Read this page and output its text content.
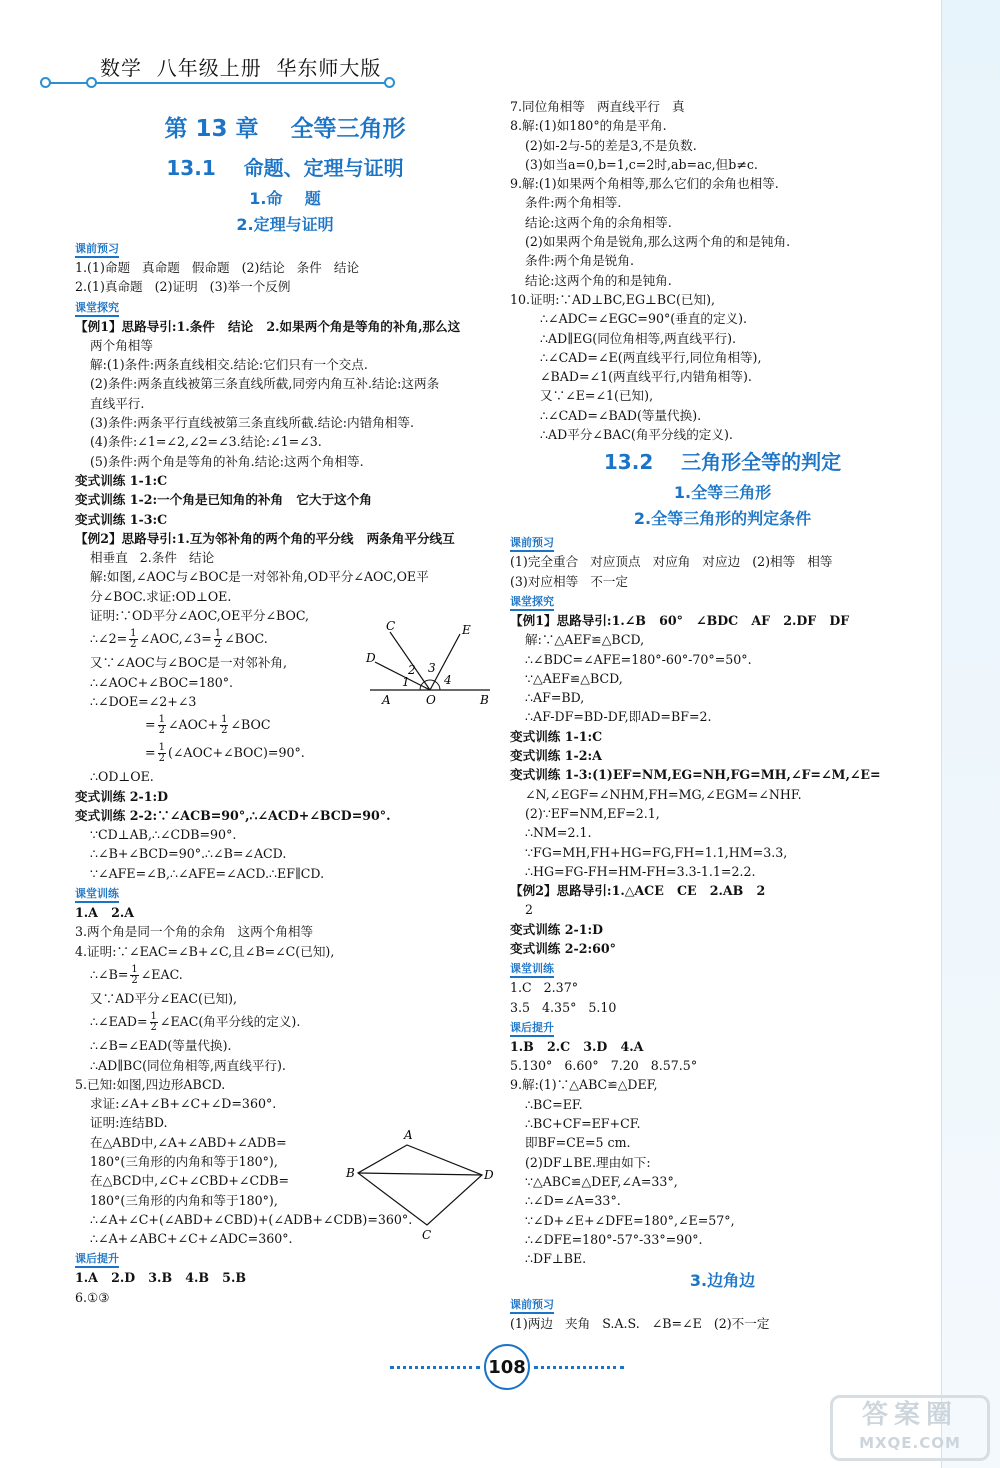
数学  八年级上册  华东师大版
第 13 章    全等三角形
13.1    命题、定理与证明
1.命    题
2.定理与证明
课前预习
1.(1)命题   真命题   假命题   (2)结论   条件   结论
2.(1)真命题   (2)证明   (3)举一个反例
课堂探究
【例1】思路导引:1.条件   结论   2.如果两个角是等角的补角,那么这
两个角相等
解:(1)条件:两条直线相交.结论:它们只有一个交点.
(2)条件:两条直线被第三条直线所截,同旁内角互补.结论:这两条
直线平行.
(3)条件:两条平行直线被第三条直线所截.结论:内错角相等.
(4)条件:∠1=∠2,∠2=∠3.结论:∠1=∠3.
(5)条件:两个角是等角的补角.结论:这两个角相等.
变式训练 1-1:C
变式训练 1-2:一个角是已知角的补角   它大于这个角
变式训练 1-3:C
【例2】思路导引:1.互为邻补角的两个角的平分线   两条角平分线互
相垂直   2.条件   结论
解:如图,∠AOC与∠BOC是一对邻补角,OD平分∠AOC,OE平
分∠BOC.求证:OD⊥OE.
证明:∵OD平分∠AOC,OE平分∠BOC,
∴∠2= $\frac{1}{2}$ ∠AOC,∠3= $\frac{1}{2}$ ∠BOC.
又∵∠AOC与∠BOC是一对邻补角,
∴∠AOC+∠BOC=180°.
∴∠DOE=∠2+∠3
= $\frac{1}{2}$ ∠AOC+ $\frac{1}{2}$ ∠BOC
= $\frac{1}{2}$ (∠AOC+∠BOC)=90°.
∴OD⊥OE.
变式训练 2-1:D
变式训练 2-2:∵∠ACB=90°,∴∠ACD+∠BCD=90°.
∵CD⊥AB,∴∠CDB=90°.
∴∠B+∠BCD=90°.∴∠B=∠ACD.
∵∠AFE=∠B,∴∠AFE=∠ACD.∴EF∥CD.
课堂训练
1.A   2.A
3.两个角是同一个角的余角   这两个角相等
4.证明:∵∠EAC=∠B+∠C,且∠B=∠C(已知),
∴∠B= $\frac{1}{2}$ ∠EAC.
又∵AD平分∠EAC(已知),
∴∠EAD= $\frac{1}{2}$ ∠EAC(角平分线的定义).
∴∠B=∠EAD(等量代换).
∴AD∥BC(同位角相等,两直线平行).
5.已知:如图,四边形ABCD.
求证:∠A+∠B+∠C+∠D=360°.
证明:连结BD.
在△ABD中,∠A+∠ABD+∠ADB=
180°(三角形的内角和等于180°),
在△BCD中,∠C+∠CBD+∠CDB=
180°(三角形的内角和等于180°),
∴∠A+∠C+(∠ABD+∠CBD)+(∠ADB+∠CDB)=360°.
∴∠A+∠ABC+∠C+∠ADC=360°.
课后提升
1.A   2.D   3.B   4.B   5.B
6.①③
C
D
E
A	O	B
1
2 3
4
A
B
C
D
7.同位角相等   两直线平行   真
8.解:(1)如180°的角是平角.
(2)如-2与-5的差是3,不是负数.
(3)如当a=0,b=1,c=2时,ab=ac,但b≠c.
9.解:(1)如果两个角相等,那么它们的余角也相等.
条件:两个角相等.
结论:这两个角的余角相等.
(2)如果两个角是锐角,那么这两个角的和是钝角.
条件:两个角是锐角.
结论:这两个角的和是钝角.
10.证明:∵AD⊥BC,EG⊥BC(已知),
∴∠ADC=∠EGC=90°(垂直的定义).
∴AD∥EG(同位角相等,两直线平行).
∴∠CAD=∠E(两直线平行,同位角相等),
∠BAD=∠1(两直线平行,内错角相等).
又∵∠E=∠1(已知),
∴∠CAD=∠BAD(等量代换).
∴AD平分∠BAC(角平分线的定义).
13.2    三角形全等的判定
1.全等三角形
2.全等三角形的判定条件
课前预习
(1)完全重合   对应顶点   对应角   对应边   (2)相等   相等
(3)对应相等   不一定
课堂探究
【例1】思路导引:1.∠B   60°   ∠BDC   AF   2.DF   DF
解:∵△AEF≌△BCD,
∴∠BDC=∠AFE=180°-60°-70°=50°.
∵△AEF≌△BCD,
∴AF=BD,
∴AF-DF=BD-DF,即AD=BF=2.
变式训练 1-1:C
变式训练 1-2:A
变式训练 1-3:(1)EF=NM,EG=NH,FG=MH,∠F=∠M,∠E=
∠N,∠EGF=∠NHM,FH=MG,∠EGM=∠NHF.
(2)∵EF=NM,EF=2.1,
∴NM=2.1.
∵FG=MH,FH+HG=FG,FH=1.1,HM=3.3,
∴HG=FG-FH=HM-FH=3.3-1.1=2.2.
【例2】思路导引:1.△ACE   CE   2.AB   2
2
变式训练 2-1:D
变式训练 2-2:60°
课堂训练
1.C   2.37°
3.5   4.35°   5.10
课后提升
1.B   2.C   3.D   4.A
5.130°   6.60°   7.20   8.57.5°
9.解:(1)∵△ABC≌△DEF,
∴BC=EF.
∴BC+CF=EF+CF.
即BF=CE=5 cm.
(2)DF⊥BE.理由如下:
∵△ABC≌△DEF,∠A=33°,
∴∠D=∠A=33°.
∵∠D+∠E+∠DFE=180°,∠E=57°,
∴∠DFE=180°-57°-33°=90°.
∴DF⊥BE.
3.边角边
课前预习
(1)两边   夹角   S.A.S.   ∠B=∠E   (2)不一定
108
答案圈
MXQE.COM
